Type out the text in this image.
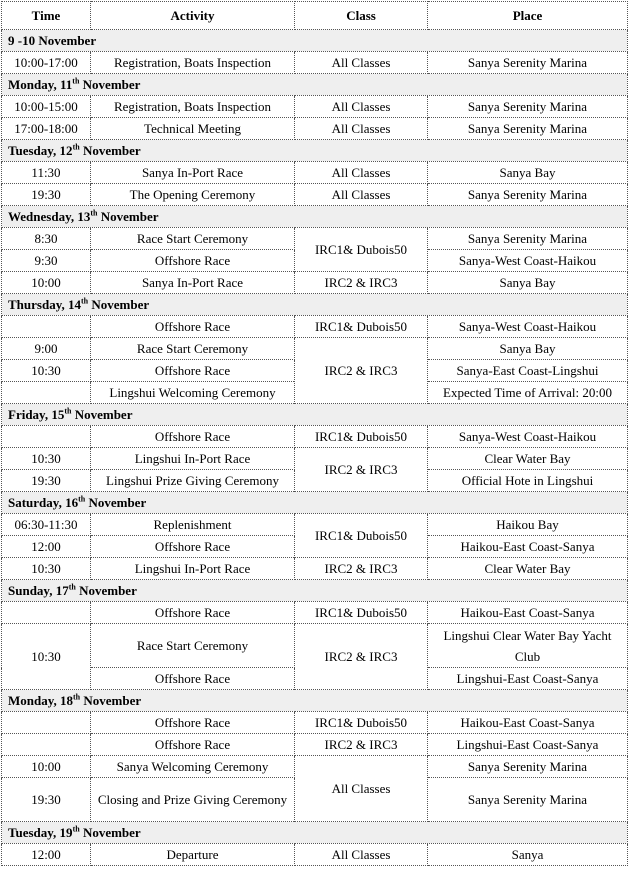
Time	Activity	Class	Place
9 -10 November			
10:00-17:00	Registration, Boats Inspection	All Classes	Sanya Serenity Marina
Monday, 11th November			
10:00-15:00	Registration, Boats Inspection	All Classes	Sanya Serenity Marina
17:00-18:00	Technical Meeting	All Classes	Sanya Serenity Marina
Tuesday, 12th November			
11:30	Sanya In-Port Race	All Classes	Sanya Bay
19:30	The Opening Ceremony	All Classes	Sanya Serenity Marina
Wednesday, 13th November			
8:30	Race Start Ceremony	IRC1& Dubois50	Sanya Serenity Marina
9:30	Offshore Race		Sanya-West Coast-Haikou
10:00	Sanya In-Port Race	IRC2 & IRC3	Sanya Bay
Thursday, 14th November			
	Offshore Race	IRC1& Dubois50	Sanya-West Coast-Haikou
9:00	Race Start Ceremony	IRC2 & IRC3	Sanya Bay
10:30	Offshore Race		Sanya-East Coast-Lingshui
	Lingshui Welcoming Ceremony		Expected Time of Arrival: 20:00
Friday, 15th November			
	Offshore Race	IRC1& Dubois50	Sanya-West Coast-Haikou
10:30	Lingshui In-Port Race	IRC2 & IRC3	Clear Water Bay
19:30	Lingshui Prize Giving Ceremony		Official Hote in Lingshui
Saturday, 16th November			
06:30-11:30	Replenishment	IRC1& Dubois50	Haikou Bay
12:00	Offshore Race		Haikou-East Coast-Sanya
10:30	Lingshui In-Port Race	IRC2 & IRC3	Clear Water Bay
Sunday, 17th November			
	Offshore Race	IRC1& Dubois50	Haikou-East Coast-Sanya
10:30	Race Start Ceremony	IRC2 & IRC3	Lingshui Clear Water Bay Yacht Club
	Offshore Race		Lingshui-East Coast-Sanya
Monday, 18th November			
	Offshore Race	IRC1& Dubois50	Haikou-East Coast-Sanya
	Offshore Race	IRC2 & IRC3	Lingshui-East Coast-Sanya
10:00	Sanya Welcoming Ceremony	All Classes	Sanya Serenity Marina
19:30	Closing and Prize Giving Ceremony		Sanya Serenity Marina
Tuesday, 19th November			
12:00	Departure	All Classes	Sanya
